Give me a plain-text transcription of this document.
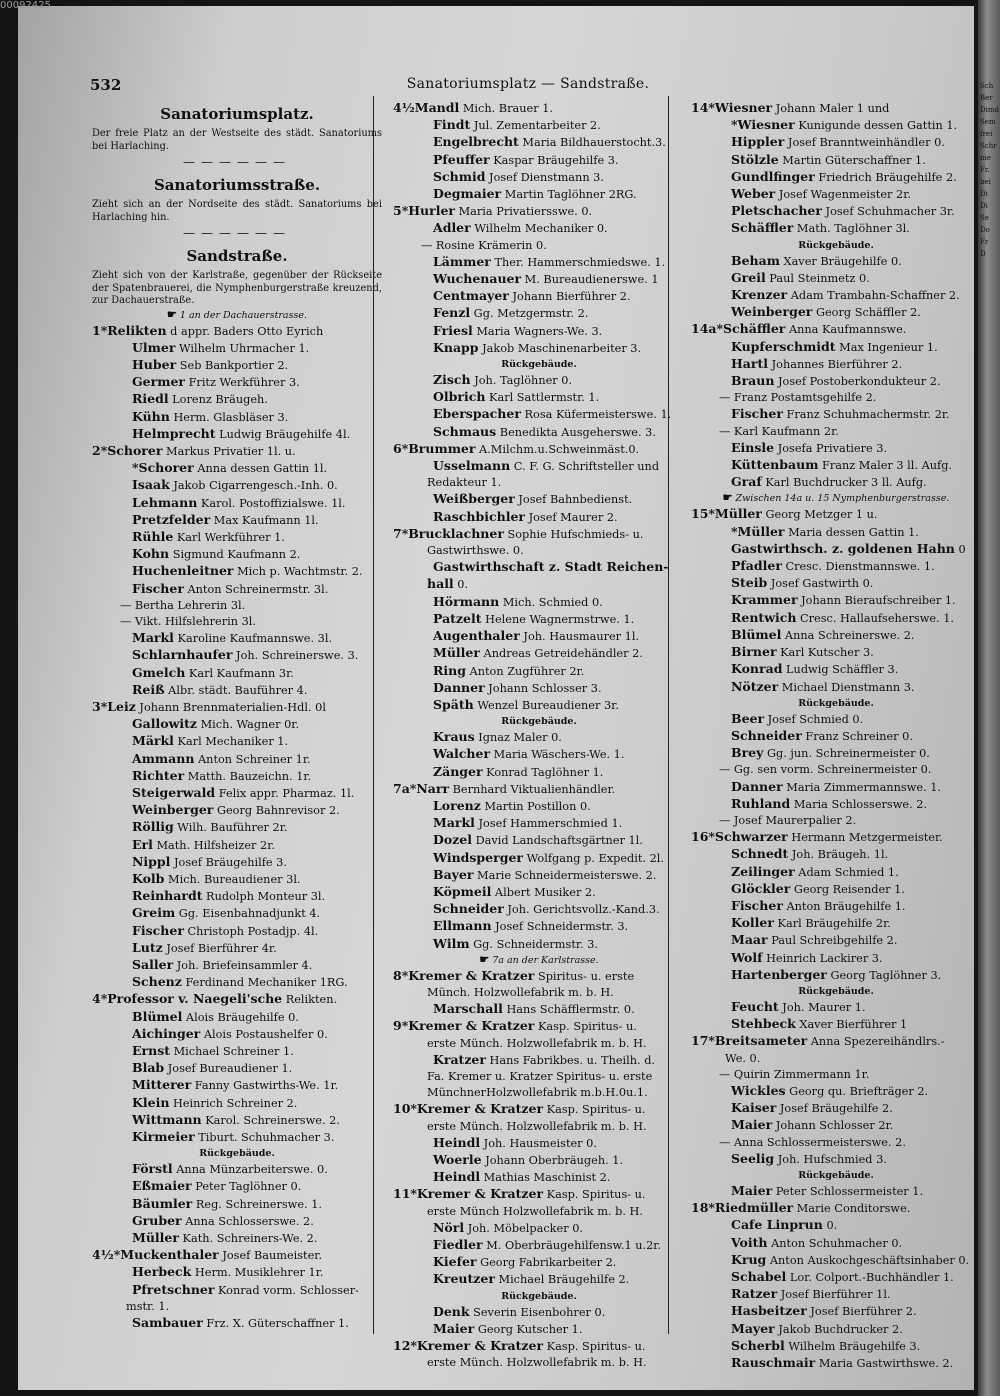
532	Sanatoriumsplatz — Sandstraße.
Sanatoriumsplatz.
Der freie Platz an der Westseite des städt. Sanatoriums bei Harlaching.
——————
Sanatoriumsstraße.
Zieht sich an der Nordseite des städt. Sanatoriums bei Harlaching hin.
——————
Sandstraße.
Zieht sich von der Karlstraße, gegenüber der Rückseite der Spatenbrauerei, die Nymphenburgerstraße kreuzend, zur Dachauerstraße.
☛ 1 an der Dachauerstrasse.
1*Relikten d appr. Baders Otto Eyrich
Ulmer Wilhelm Uhrmacher 1.
Huber Seb Bankportier 2.
Germer Fritz Werkführer 3.
Riedl Lorenz Bräugeh.
Kühn Herm. Glasbläser 3.
Helmprecht Ludwig Bräugehilfe 4l.
2*Schorer Markus Privatier 1l. u.
*Schorer Anna dessen Gattin 1l.
Isaak Jakob Cigarrengesch.-Inh. 0.
Lehmann Karol. Postoffizialswe. 1l.
Pretzfelder Max Kaufmann 1l.
Rühle Karl Werkführer 1.
Kohn Sigmund Kaufmann 2.
Huchenleitner Mich p. Wachtmstr. 2.
Fischer Anton Schreinermstr. 3l.
— Bertha Lehrerin 3l.
— Vikt. Hilfslehrerin 3l.
Markl Karoline Kaufmannswe. 3l.
Schlarnhaufer Joh. Schreinerswe. 3.
Gmelch Karl Kaufmann 3r.
Reiß Albr. städt. Bauführer 4.
3*Leiz Johann Brennmaterialien-Hdl. 0l
Gallowitz Mich. Wagner 0r.
Märkl Karl Mechaniker 1.
Ammann Anton Schreiner 1r.
Richter Matth. Bauzeichn. 1r.
Steigerwald Felix appr. Pharmaz. 1l.
Weinberger Georg Bahnrevisor 2.
Röllig Wilh. Bauführer 2r.
Erl Math. Hilfsheizer 2r.
Nippl Josef Bräugehilfe 3.
Kolb Mich. Bureaudiener 3l.
Reinhardt Rudolph Monteur 3l.
Greim Gg. Eisenbahnadjunkt 4.
Fischer Christoph Postadjp. 4l.
Lutz Josef Bierführer 4r.
Saller Joh. Briefeinsammler 4.
Schenz Ferdinand Mechaniker 1RG.
4*Professor v. Naegeli'sche Relikten.
Blümel Alois Bräugehilfe 0.
Aichinger Alois Postaushelfer 0.
Ernst Michael Schreiner 1.
Blab Josef Bureaudiener 1.
Mitterer Fanny Gastwirths-We. 1r.
Klein Heinrich Schreiner 2.
Wittmann Karol. Schreinerswe. 2.
Kirmeier Tiburt. Schuhmacher 3.
Rückgebäude.
Förstl Anna Münzarbeiterswe. 0.
Eßmaier Peter Taglöhner 0.
Bäumler Reg. Schreinerswe. 1.
Gruber Anna Schlosserswe. 2.
Müller Kath. Schreiners-We. 2.
4½*Muckenthaler Josef Baumeister.
Herbeck Herm. Musiklehrer 1r.
Pfretschner Konrad vorm. Schlosser-
mstr. 1.
Sambauer Frz. X. Güterschaffner 1.
4½Mandl Mich. Brauer 1.
Findt Jul. Zementarbeiter 2.
Engelbrecht Maria Bildhauerstocht.3.
Pfeuffer Kaspar Bräugehilfe 3.
Schmid Josef Dienstmann 3.
Degmaier Martin Taglöhner 2RG.
5*Hurler Maria Privatiersswe. 0.
Adler Wilhelm Mechaniker 0.
— Rosine Krämerin 0.
Lämmer Ther. Hammerschmiedswe. 1.
Wuchenauer M. Bureaudienerswe. 1
Centmayer Johann Bierführer 2.
Fenzl Gg. Metzgermstr. 2.
Friesl Maria Wagners-We. 3.
Knapp Jakob Maschinenarbeiter 3.
Rückgebäude.
Zisch Joh. Taglöhner 0.
Olbrich Karl Sattlermstr. 1.
Eberspacher Rosa Küfermeisterswe. 1.
Schmaus Benedikta Ausgeherswe. 3.
6*Brummer A.Milchm.u.Schweinmäst.0.
Usselmann C. F. G. Schriftsteller und
Redakteur 1.
Weißberger Josef Bahnbedienst.
Raschbichler Josef Maurer 2.
7*Brucklachner Sophie Hufschmieds- u.
Gastwirthswe. 0.
Gastwirthschaft z. Stadt Reichen-
hall 0.
Hörmann Mich. Schmied 0.
Patzelt Helene Wagnermstrwe. 1.
Augenthaler Joh. Hausmaurer 1l.
Müller Andreas Getreidehändler 2.
Ring Anton Zugführer 2r.
Danner Johann Schlosser 3.
Späth Wenzel Bureaudiener 3r.
Rückgebäude.
Kraus Ignaz Maler 0.
Walcher Maria Wäschers-We. 1.
Zänger Konrad Taglöhner 1.
7a*Narr Bernhard Viktualienhändler.
Lorenz Martin Postillon 0.
Markl Josef Hammerschmied 1.
Dozel David Landschaftsgärtner 1l.
Windsperger Wolfgang p. Expedit. 2l.
Bayer Marie Schneidermeisterswe. 2.
Köpmeil Albert Musiker 2.
Schneider Joh. Gerichtsvollz.-Kand.3.
Ellmann Josef Schneidermstr. 3.
Wilm Gg. Schneidermstr. 3.
☛ 7a an der Karlstrasse.
8*Kremer & Kratzer Spiritus- u. erste
Münch. Holzwollefabrik m. b. H.
Marschall Hans Schäfflermstr. 0.
9*Kremer & Kratzer Kasp. Spiritus- u.
erste Münch. Holzwollefabrik m. b. H.
Kratzer Hans Fabrikbes. u. Theilh. d.
Fa. Kremer u. Kratzer Spiritus- u. erste
MünchnerHolzwollefabrik m.b.H.0u.1.
10*Kremer & Kratzer Kasp. Spiritus- u.
erste Münch. Holzwollefabrik m. b. H.
Heindl Joh. Hausmeister 0.
Woerle Johann Oberbräugeh. 1.
Heindl Mathias Maschinist 2.
11*Kremer & Kratzer Kasp. Spiritus- u.
erste Münch Holzwollefabrik m. b. H.
Nörl Joh. Möbelpacker 0.
Fiedler M. Oberbräugehilfensw.1 u.2r.
Kiefer Georg Fabrikarbeiter 2.
Kreutzer Michael Bräugehilfe 2.
Rückgebäude.
Denk Severin Eisenbohrer 0.
Maier Georg Kutscher 1.
12*Kremer & Kratzer Kasp. Spiritus- u.
erste Münch. Holzwollefabrik m. b. H.
14*Wiesner Johann Maler 1 und
*Wiesner Kunigunde dessen Gattin 1.
Hippler Josef Branntweinhändler 0.
Stölzle Martin Güterschaffner 1.
Gundlfinger Friedrich Bräugehilfe 2.
Weber Josef Wagenmeister 2r.
Pletschacher Josef Schuhmacher 3r.
Schäffler Math. Taglöhner 3l.
Rückgebäude.
Beham Xaver Bräugehilfe 0.
Greil Paul Steinmetz 0.
Krenzer Adam Trambahn-Schaffner 2.
Weinberger Georg Schäffler 2.
14a*Schäffler Anna Kaufmannswe.
Kupferschmidt Max Ingenieur 1.
Hartl Johannes Bierführer 2.
Braun Josef Postoberkondukteur 2.
— Franz Postamtsgehilfe 2.
Fischer Franz Schuhmachermstr. 2r.
— Karl Kaufmann 2r.
Einsle Josefa Privatiere 3.
Küttenbaum Franz Maler 3 ll. Aufg.
Graf Karl Buchdrucker 3 ll. Aufg.
☛ Zwischen 14a u. 15 Nymphenburgerstrasse.
15*Müller Georg Metzger 1 u.
*Müller Maria dessen Gattin 1.
Gastwirthsch. z. goldenen Hahn 0
Pfadler Cresc. Dienstmannswe. 1.
Steib Josef Gastwirth 0.
Krammer Johann Bieraufschreiber 1.
Rentwich Cresc. Hallaufseherswe. 1.
Blümel Anna Schreinerswe. 2.
Birner Karl Kutscher 3.
Konrad Ludwig Schäffler 3.
Nötzer Michael Dienstmann 3.
Rückgebäude.
Beer Josef Schmied 0.
Schneider Franz Schreiner 0.
Brey Gg. jun. Schreinermeister 0.
— Gg. sen vorm. Schreinermeister 0.
Danner Maria Zimmermannswe. 1.
Ruhland Maria Schlosserswe. 2.
— Josef Maurerpalier 2.
16*Schwarzer Hermann Metzgermeister.
Schnedt Joh. Bräugeh. 1l.
Zeilinger Adam Schmied 1.
Glöckler Georg Reisender 1.
Fischer Anton Bräugehilfe 1.
Koller Karl Bräugehilfe 2r.
Maar Paul Schreibgehilfe 2.
Wolf Heinrich Lackirer 3.
Hartenberger Georg Taglöhner 3.
Rückgebäude.
Feucht Joh. Maurer 1.
Stehbeck Xaver Bierführer 1
17*Breitsameter Anna Spezereihändlrs.-
We. 0.
— Quirin Zimmermann 1r.
Wickles Georg qu. Briefträger 2.
Kaiser Josef Bräugehilfe 2.
Maier Johann Schlosser 2r.
— Anna Schlossermeisterswe. 2.
Seelig Joh. Hufschmied 3.
Rückgebäude.
Maier Peter Schlossermeister 1.
18*Riedmüller Marie Conditorswe.
Cafe Linprun 0.
Voith Anton Schuhmacher 0.
Krug Anton Auskochgeschäftsinhaber 0.
Schabel Lor. Colport.-Buchhändler 1.
Ratzer Josef Bierführer 1l.
Hasbeitzer Josef Bierführer 2.
Mayer Jakob Buchdrucker 2.
Scherbl Wilhelm Bräugehilfe 3.
Rauschmair Maria Gastwirthswe. 2.
Sch
Ber
Dimd
Sem
frei
Schr
nie
Fr.
bei
Di
Di
Se
Do
Fr
D
00092425
